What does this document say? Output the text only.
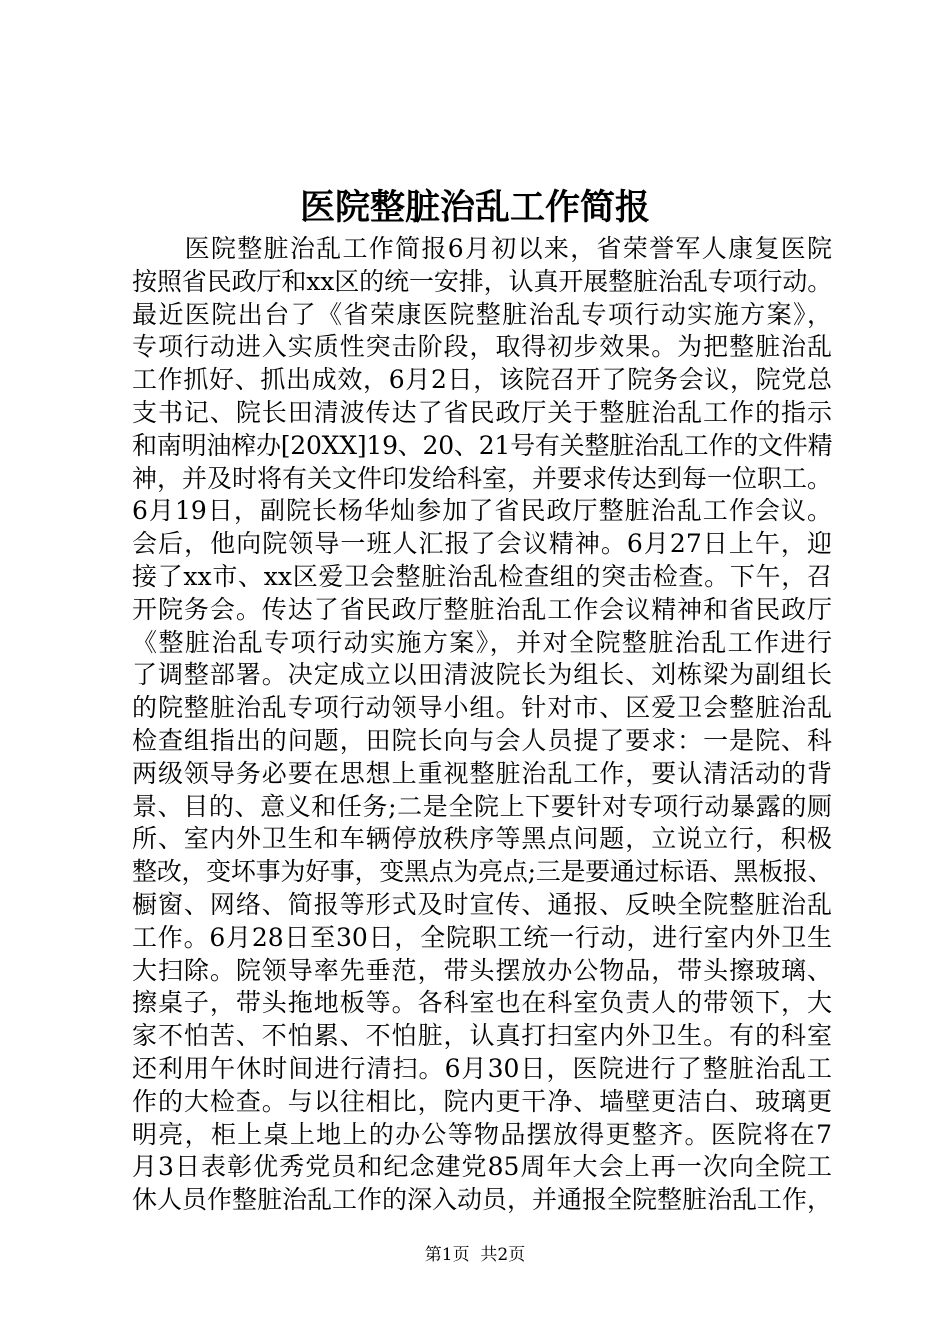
医院整脏治乱工作简报
　　医院整脏治乱工作简报6月初以来，省荣誉军人康复医院
按照省民政厅和xx区的统一安排，认真开展整脏治乱专项行动。
最近医院出台了《省荣康医院整脏治乱专项行动实施方案》，
专项行动进入实质性突击阶段，取得初步效果。为把整脏治乱
工作抓好、抓出成效，6月2日，该院召开了院务会议，院党总
支书记、院长田清波传达了省民政厅关于整脏治乱工作的指示
和南明油榨办[20XX]19、20、21号有关整脏治乱工作的文件精
神，并及时将有关文件印发给科室，并要求传达到每一位职工。
6月19日，副院长杨华灿参加了省民政厅整脏治乱工作会议。
会后，他向院领导一班人汇报了会议精神。6月27日上午，迎
接了xx市、xx区爱卫会整脏治乱检查组的突击检查。下午，召
开院务会。传达了省民政厅整脏治乱工作会议精神和省民政厅
《整脏治乱专项行动实施方案》，并对全院整脏治乱工作进行
了调整部署。决定成立以田清波院长为组长、刘栋梁为副组长
的院整脏治乱专项行动领导小组。针对市、区爱卫会整脏治乱
检查组指出的问题，田院长向与会人员提了要求：一是院、科
两级领导务必要在思想上重视整脏治乱工作，要认清活动的背
景、目的、意义和任务;二是全院上下要针对专项行动暴露的厕
所、室内外卫生和车辆停放秩序等黑点问题，立说立行，积极
整改，变坏事为好事，变黑点为亮点;三是要通过标语、黑板报、
橱窗、网络、简报等形式及时宣传、通报、反映全院整脏治乱
工作。6月28日至30日，全院职工统一行动，进行室内外卫生
大扫除。院领导率先垂范，带头摆放办公物品，带头擦玻璃、
擦桌子，带头拖地板等。各科室也在科室负责人的带领下，大
家不怕苦、不怕累、不怕脏，认真打扫室内外卫生。有的科室
还利用午休时间进行清扫。6月30日，医院进行了整脏治乱工
作的大检查。与以往相比，院内更干净、墙壁更洁白、玻璃更
明亮，柜上桌上地上的办公等物品摆放得更整齐。医院将在7
月3日表彰优秀党员和纪念建党85周年大会上再一次向全院工
休人员作整脏治乱工作的深入动员，并通报全院整脏治乱工作，
第1页  共2页
